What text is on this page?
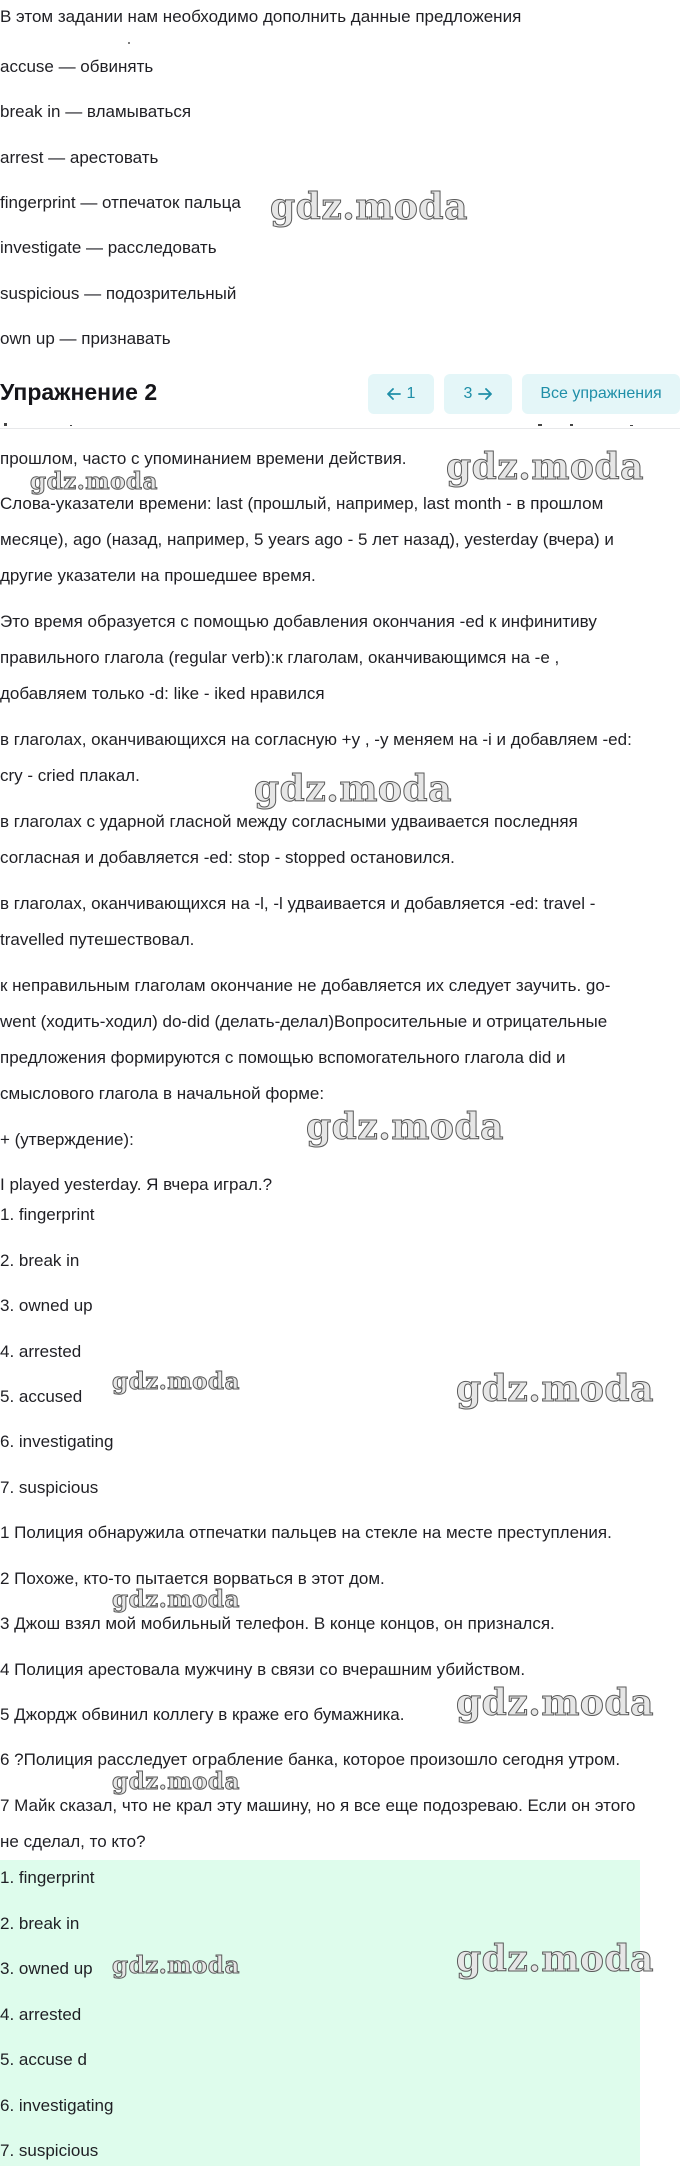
В этом задании нам необходимо дополнить данные предложения
accuse — обвинять
break in — вламываться
arrest — арестовать
fingerprint — отпечаток пальца
investigate — расследовать
suspicious — подозрительный
own up — признавать
Упражнение 2	1	3	Все упражнения
прошлом, часто с упоминанием времени действия.
Слова-указатели времени: last (прошлый, например, last month - в прошлом
месяце), ago (назад, например, 5 years ago - 5 лет назад), yesterday (вчера) и
другие указатели на прошедшее время.
Это время образуется с помощью добавления окончания -ed к инфинитиву
правильного глагола (regular verb):к глаголам, оканчивающимся на -e ,
добавляем только -d: like - iked нравился
в глаголах, оканчивающихся на согласную +y , -y меняем на -i и добавляем -ed:
cry - cried плакал.
в глаголах с ударной гласной между согласными удваивается последняя
согласная и добавляется -ed: stop - stopped остановился.
в глаголах, оканчивающихся на -l, -l удваивается и добавляется -ed: travel -
travelled путешествовал.
к неправильным глаголам окончание не добавляется их следует заучить. go-
went (ходить-ходил) do-did (делать-делал)Вопросительные и отрицательные
предложения формируются с помощью вспомогательного глагола did и
смыслового глагола в начальной форме:
+ (утверждение):
I played yesterday. Я вчера играл.?
1. fingerprint
2. break in
3. owned up
4. arrested
5. accused
6. investigating
7. suspicious
1 Полиция обнаружила отпечатки пальцев на стекле на месте преступления.
2 Похоже, кто-то пытается ворваться в этот дом.
3 Джош взял мой мобильный телефон. В конце концов, он признался.
4 Полиция арестовала мужчину в связи со вчерашним убийством.
5 Джордж обвинил коллегу в краже его бумажника.
6 ?Полиция расследует ограбление банка, которое произошло сегодня утром.
7 Майк сказал, что не крал эту машину, но я все еще подозреваю. Если он этого
не сделал, то кто?
1. fingerprint
2. break in
3. owned up
4. arrested
5. accuse d
6. investigating
7. suspicious
gdz.moda
gdz.moda
gdz.moda
gdz.moda
gdz.moda
gdz.moda	gdz.moda
gdz.moda
gdz.moda
gdz.moda
gdz.moda	gdz.moda
